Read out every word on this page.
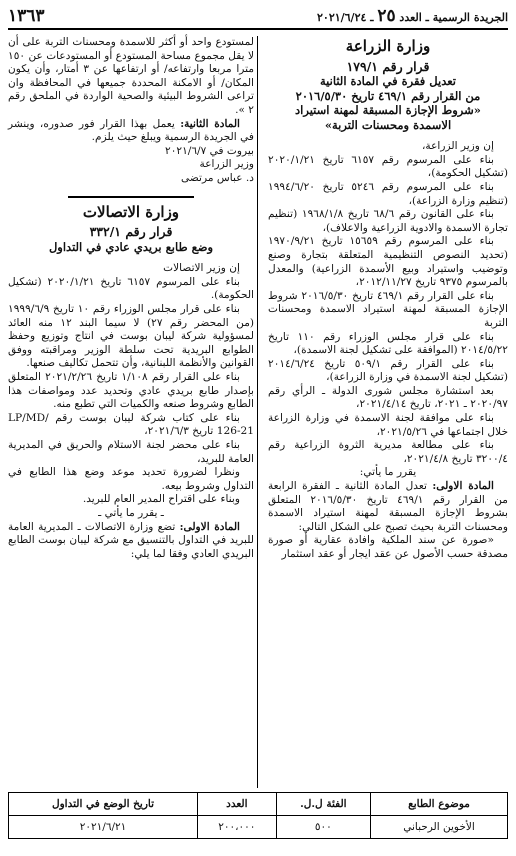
الجريدة الرسمية ـ العدد ٢٥ ـ ٢٠٢١/٦/٢٤
١٣٦٣
وزارة الزراعة
قرار رقم ١٧٩/١
تعديل فقرة في المادة الثانية
من القرار رقم ٤٦٩/١ تاريخ ٢٠١٦/٥/٣٠
«شروط الإجازة المسبقة لمهنة استيراد
الاسمدة ومحسنات التربة»

إن وزير الزراعة،

بناء على المرسوم رقم ٦١٥٧ تاريخ ٢٠٢٠/١/٢١ (تشكيل الحكومة)،

بناء على المرسوم رقم ٥٢٤٦ تاريخ ١٩٩٤/٦/٢٠ (تنظيم وزارة الزراعة)،

بناء على القانون رقم ٦٨/٦ تاريخ ١٩٦٨/١/٨ (تنظيم تجارة الاسمدة والادوية الزراعية والاعلاف)،

بناء على المرسوم رقم ١٥٦٥٩ تاريخ ١٩٧٠/٩/٢١ (تحديد النصوص التنظيمية المتعلقة بتجارة وصنع وتوضيب واستيراد وبيع الأسمدة الزراعية) والمعدل بالمرسوم ٩٣٧٥ تاريخ ٢٠١٢/١١/٢٧،

بناء على القرار رقم ٤٦٩/١ تاريخ ٢٠١٦/٥/٣٠ شروط الإجازة المسبقة لمهنة استيراد الاسمدة ومحسنات التربة

بناء على قرار مجلس الوزراء رقم ١١٠ تاريخ ٢٠١٤/٥/٢٢ (الموافقة على تشكيل لجنة الاسمدة)،

بناء على القرار رقم ٥٠٩/١ تاريخ ٢٠١٤/٦/٢٤ (تشكيل لجنة الاسمدة في وزارة الزراعة)،

بعد استشارة مجلس شورى الدولة ـ الرأي رقم ٢٠٢٠/٩٧ ـ ٢٠٢١، تاريخ ٢٠٢١/٤/١٤،

بناء على موافقة لجنة الاسمدة في وزارة الزراعة خلال اجتماعها في ٢٠٢١/٥/٢٦،

بناء على مطالعة مديرية الثروة الزراعية رقم ٣٢٠٠/٤ تاريخ ٢٠٢١/٤/٨،

يقرر ما يأتي:

المادة الاولى: تعدل المادة الثانية ـ الفقرة الرابعة من القرار رقم ٤٦٩/١ تاريخ ٢٠١٦/٥/٣٠ المتعلق بشروط الإجازة المسبقة لمهنة استيراد الاسمدة ومحسنات التربة بحيث تصبح على الشكل التالي:

«صورة عن سند الملكية وافادة عقارية أو صورة مصدقة حسب الأصول عن عقد ايجار أو عقد استثمار

لمستودع واحد أو أكثر للاسمدة ومحسنات التربة على أن لا يقل مجموع مساحة المستودع أو المستودعات عن ١٥٠ مترا مربعا وارتفاعه/ أو ارتفاعها عن ٣ أمتار، وأن يكون المكان/ أو الامكنة المحددة جميعها في المحافظة وان تراعى الشروط البيئية والصحية الواردة في الملحق رقم ٢ ».

المادة الثانية: يعمل بهذا القرار فور صدوره، وينشر في الجريدة الرسمية ويبلغ حيث يلزم.

بيروت في ٢٠٢١/٦/٧

وزير الزراعة

د. عباس مرتضى

وزارة الاتصالات
قرار رقم ٣٣٢/١
وضع طابع بريدي عادي في التداول

إن وزير الاتصالات

بناء على المرسوم ٦١٥٧ تاريخ ٢٠٢٠/١/٢١ (تشكيل الحكومة).

بناء على قرار مجلس الوزراء رقم ١٠ تاريخ ١٩٩٩/٦/٩ (من المحضر رقم ٢٧) لا سيما البند ١٢ منه العائد لمسؤولية شركة ليبان بوست في انتاج وتوزيع وحفظ الطوابع البريدية تحت سلطة الوزير ومراقبته ووفق القوانين والأنظمة اللبنانية، وأن تتحمل تكاليف صنعها.

بناء على القرار رقم ١/١٠٨ تاريخ ٢٠٢١/٢/٢٦ المتعلق بإصدار طابع بريدي عادي وتحديد عدد ومواصفات هذا الطابع وشروط صنعه والكميات التي تطبع منه.

بناء على كتاب شركة ليبان بوست رقم /LP/MD 126-21 تاريخ ٢٠٢١/٦/٣،

بناء على محضر لجنة الاستلام والحريق في المديرية العامة للبريد،

ونظرا لضرورة تحديد موعد وضع هذا الطابع في التداول وشروط بيعه.

وبناء على اقتراح المدير العام للبريد.

ـ يقرر ما يأتي ـ

المادة الاولى: تضع وزارة الاتصالات ـ المديرية العامة للبريد في التداول بالتنسيق مع شركة ليبان بوست الطابع البريدي العادي وفقا لما يلي:

موضوع الطابع	الفئة ل.ل.	العدد	تاريخ الوضع في التداول
الأخوين الرحباني	٥٠٠	٢٠٠،٠٠٠	٢٠٢١/٦/٢١
